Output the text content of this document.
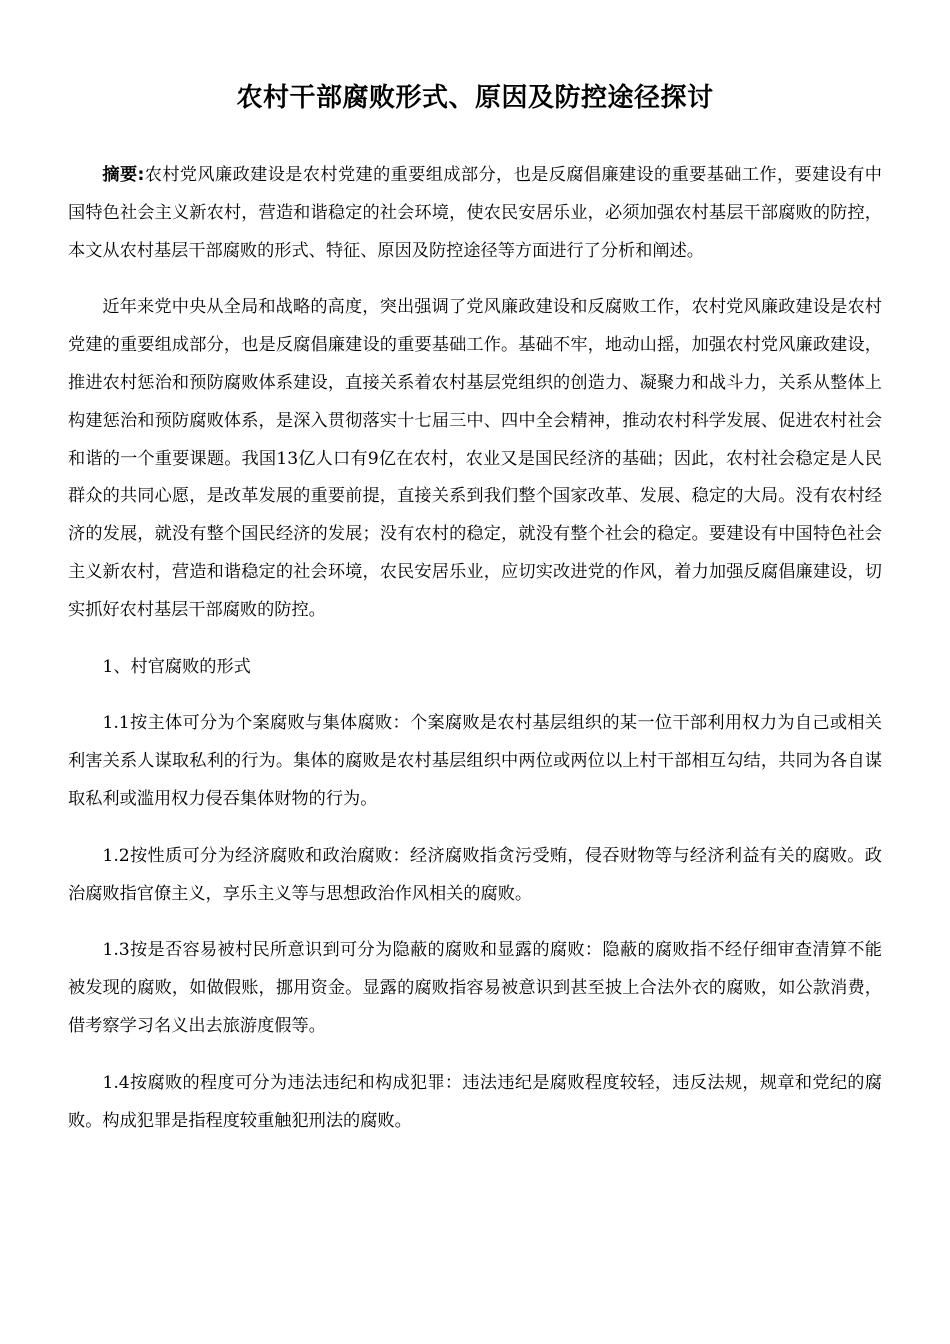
农村干部腐败形式、原因及防控途径探讨

摘要:农村党风廉政建设是农村党建的重要组成部分，也是反腐倡廉建设的重要基础工作，要建设有中国特色社会主义新农村，营造和谐稳定的社会环境，使农民安居乐业，必须加强农村基层干部腐败的防控，本文从农村基层干部腐败的形式、特征、原因及防控途径等方面进行了分析和阐述。

近年来党中央从全局和战略的高度，突出强调了党风廉政建设和反腐败工作，农村党风廉政建设是农村党建的重要组成部分，也是反腐倡廉建设的重要基础工作。基础不牢，地动山摇，加强农村党风廉政建设，推进农村惩治和预防腐败体系建设，直接关系着农村基层党组织的创造力、凝聚力和战斗力，关系从整体上构建惩治和预防腐败体系，是深入贯彻落实十七届三中、四中全会精神，推动农村科学发展、促进农村社会和谐的一个重要课题。我国13亿人口有9亿在农村，农业又是国民经济的基础；因此，农村社会稳定是人民群众的共同心愿，是改革发展的重要前提，直接关系到我们整个国家改革、发展、稳定的大局。没有农村经济的发展，就没有整个国民经济的发展；没有农村的稳定，就没有整个社会的稳定。要建设有中国特色社会主义新农村，营造和谐稳定的社会环境，农民安居乐业，应切实改进党的作风，着力加强反腐倡廉建设，切实抓好农村基层干部腐败的防控。

1、村官腐败的形式

1.1按主体可分为个案腐败与集体腐败：个案腐败是农村基层组织的某一位干部利用权力为自己或相关利害关系人谋取私利的行为。集体的腐败是农村基层组织中两位或两位以上村干部相互勾结，共同为各自谋取私利或滥用权力侵吞集体财物的行为。

1.2按性质可分为经济腐败和政治腐败：经济腐败指贪污受贿，侵吞财物等与经济利益有关的腐败。政治腐败指官僚主义，享乐主义等与思想政治作风相关的腐败。

1.3按是否容易被村民所意识到可分为隐蔽的腐败和显露的腐败：隐蔽的腐败指不经仔细审查清算不能被发现的腐败，如做假账，挪用资金。显露的腐败指容易被意识到甚至披上合法外衣的腐败，如公款消费，借考察学习名义出去旅游度假等。

1.4按腐败的程度可分为违法违纪和构成犯罪：违法违纪是腐败程度较轻，违反法规，规章和党纪的腐败。构成犯罪是指程度较重触犯刑法的腐败。
